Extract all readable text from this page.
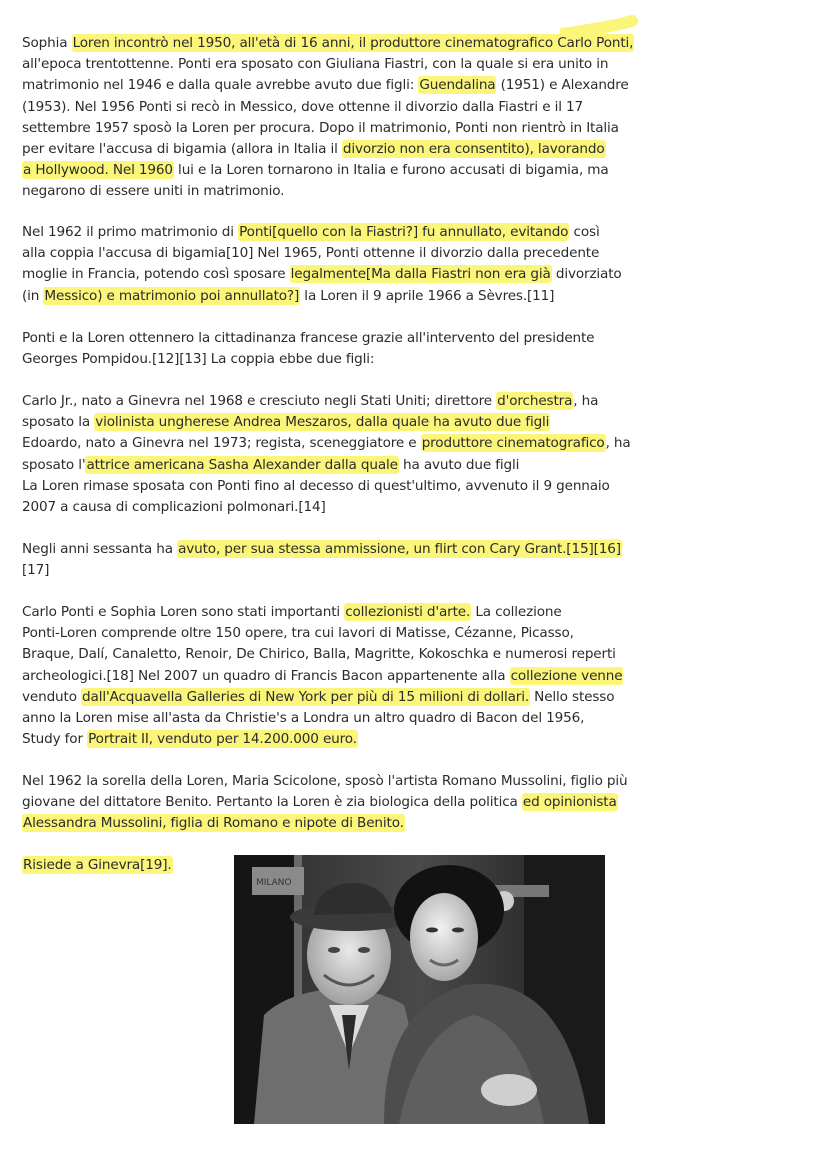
Sophia Loren incontrò nel 1950, all'età di 16 anni, il produttore cinematografico Carlo Ponti,
all'epoca trentottenne. Ponti era sposato con Giuliana Fiastri, con la quale si era unito in
matrimonio nel 1946 e dalla quale avrebbe avuto due figli: Guendalina (1951) e Alexandre
(1953). Nel 1956 Ponti si recò in Messico, dove ottenne il divorzio dalla Fiastri e il 17
settembre 1957 sposò la Loren per procura. Dopo il matrimonio, Ponti non rientrò in Italia
per evitare l'accusa di bigamia (allora in Italia il divorzio non era consentito), lavorando
a Hollywood. Nel 1960 lui e la Loren tornarono in Italia e furono accusati di bigamia, ma
negarono di essere uniti in matrimonio.
Nel 1962 il primo matrimonio di Ponti[quello con la Fiastri?] fu annullato, evitando così
alla coppia l'accusa di bigamia[10] Nel 1965, Ponti ottenne il divorzio dalla precedente
moglie in Francia, potendo così sposare legalmente[Ma dalla Fiastri non era già divorziato
(in Messico) e matrimonio poi annullato?] la Loren il 9 aprile 1966 a Sèvres.[11]
Ponti e la Loren ottennero la cittadinanza francese grazie all'intervento del presidente
Georges Pompidou.[12][13] La coppia ebbe due figli:
Carlo Jr., nato a Ginevra nel 1968 e cresciuto negli Stati Uniti; direttore d'orchestra, ha
sposato la violinista ungherese Andrea Meszaros, dalla quale ha avuto due figli
Edoardo, nato a Ginevra nel 1973; regista, sceneggiatore e produttore cinematografico, ha
sposato l'attrice americana Sasha Alexander dalla quale ha avuto due figli
La Loren rimase sposata con Ponti fino al decesso di quest'ultimo, avvenuto il 9 gennaio
2007 a causa di complicazioni polmonari.[14]
Negli anni sessanta ha avuto, per sua stessa ammissione, un flirt con Cary Grant.[15][16]
[17]
Carlo Ponti e Sophia Loren sono stati importanti collezionisti d'arte. La collezione
Ponti-Loren comprende oltre 150 opere, tra cui lavori di Matisse, Cézanne, Picasso,
Braque, Dalí, Canaletto, Renoir, De Chirico, Balla, Magritte, Kokoschka e numerosi reperti
archeologici.[18] Nel 2007 un quadro di Francis Bacon appartenente alla collezione venne
venduto dall'Acquavella Galleries di New York per più di 15 milioni di dollari. Nello stesso
anno la Loren mise all'asta da Christie's a Londra un altro quadro di Bacon del 1956,
Study for Portrait II, venduto per 14.200.000 euro.
Nel 1962 la sorella della Loren, Maria Scicolone, sposò l'artista Romano Mussolini, figlio più
giovane del dittatore Benito. Pertanto la Loren è zia biologica della politica ed opinionista
Alessandra Mussolini, figlia di Romano e nipote di Benito.
Risiede a Ginevra[19].
MILANO
